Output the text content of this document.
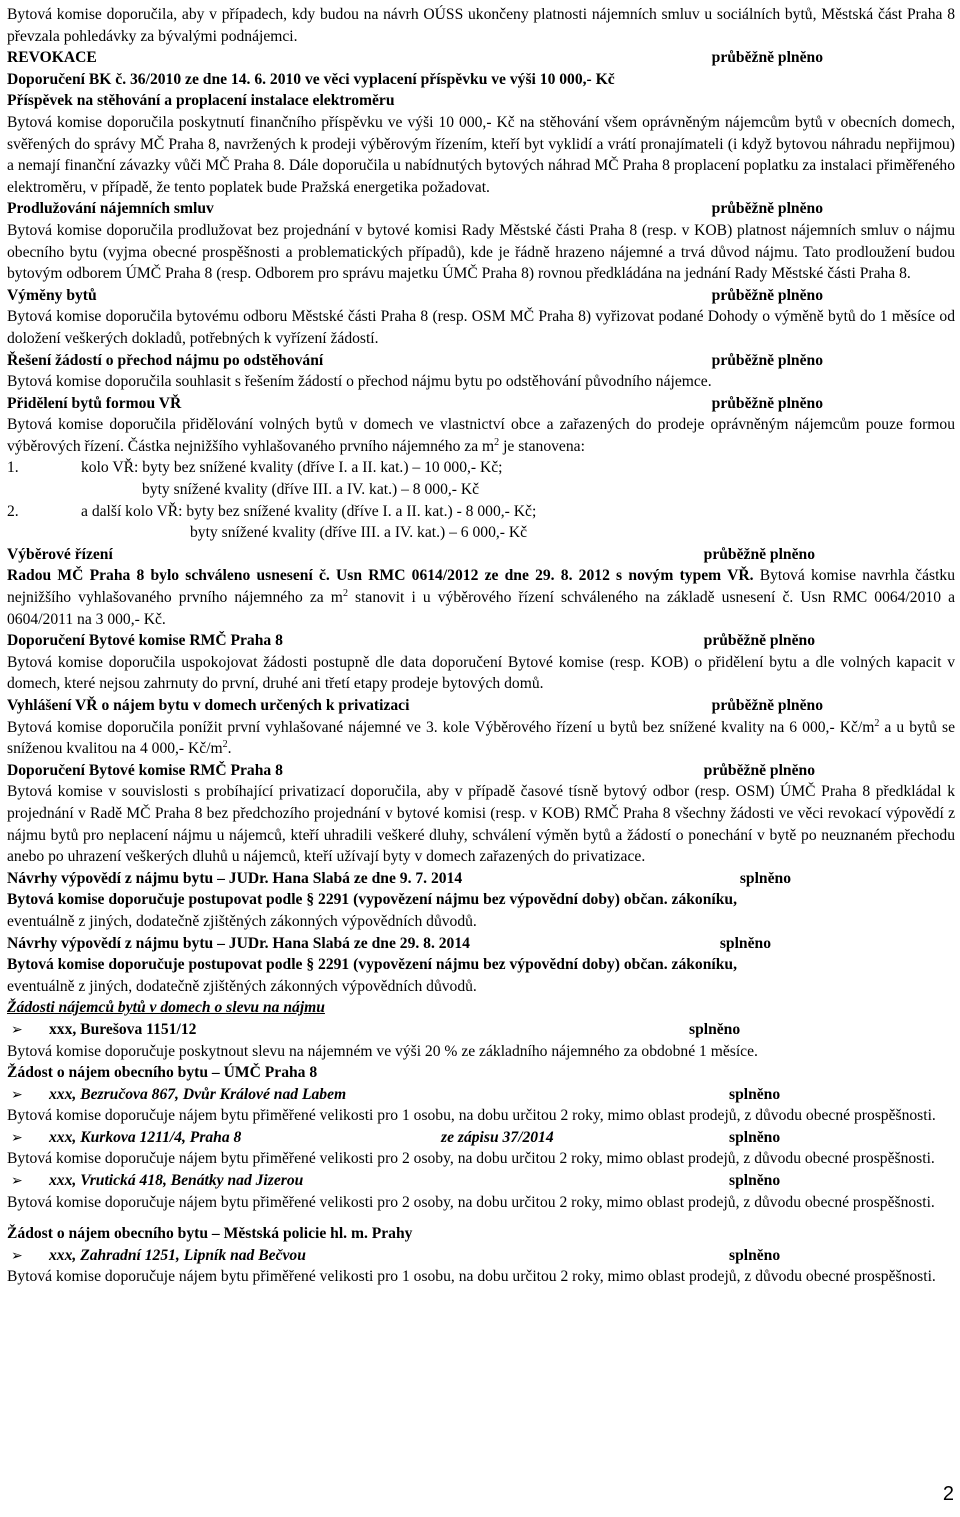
Bytová komise doporučila, aby v případech, kdy budou na návrh OÚSS ukončeny platnosti nájemních smluv u sociálních bytů, Městská část Praha 8 převzala pohledávky za bývalými podnájemci.

REVOKACE	průběžně plněno

Doporučení BK č. 36/2010 ze dne 14. 6. 2010 ve věci vyplacení příspěvku ve výši 10 000,- Kč

Příspěvek na stěhování a proplacení instalace elektroměru

Bytová komise doporučila poskytnutí finančního příspěvku ve výši 10 000,- Kč na stěhování všem oprávněným nájemcům bytů v obecních domech, svěřených do správy MČ Praha 8, navržených k prodeji výběrovým řízením, kteří byt vyklidí a vrátí pronajímateli (i když bytovou náhradu nepřijmou) a nemají finanční závazky vůči MČ Praha 8. Dále doporučila u nabídnutých bytových náhrad MČ Praha 8 proplacení poplatku za instalaci přiměřeného elektroměru, v případě, že tento poplatek bude Pražská energetika požadovat.

Prodlužování nájemních smluv	průběžně plněno

Bytová komise doporučila prodlužovat bez projednání v bytové komisi Rady Městské části Praha 8 (resp. v KOB) platnost nájemních smluv o nájmu obecního bytu (vyjma obecné prospěšnosti a problematických případů), kde je řádně hrazeno nájemné a trvá důvod nájmu. Tato prodloužení budou bytovým odborem ÚMČ Praha 8 (resp. Odborem pro správu majetku ÚMČ Praha 8) rovnou předkládána na jednání Rady Městské části Praha 8.

Výměny bytů	průběžně plněno

Bytová komise doporučila bytovému odboru Městské části Praha 8 (resp. OSM MČ Praha 8) vyřizovat podané Dohody o výměně bytů do 1 měsíce od doložení veškerých dokladů, potřebných k vyřízení žádostí.

Řešení žádostí o přechod nájmu po odstěhování	průběžně plněno

Bytová komise doporučila souhlasit s řešením žádostí o přechod nájmu bytu po odstěhování původního nájemce.

Přidělení bytů formou VŘ	průběžně plněno

Bytová komise doporučila přidělování volných bytů v domech ve vlastnictví obce a zařazených do prodeje oprávněným nájemcům pouze formou výběrových řízení. Částka nejnižšího vyhlašovaného prvního nájemného za $m^2$ je stanovena:

1.	kolo VŘ: byty bez snížené kvality (dříve I. a II. kat.) – 10 000,- Kč;
byty snížené kvality (dříve III. a IV. kat.) – 8 000,- Kč
2.	a další kolo VŘ: byty bez snížené kvality (dříve I. a II. kat.) - 8 000,- Kč;
byty snížené kvality (dříve III. a IV. kat.) – 6 000,- Kč
Výběrové řízení	průběžně plněno

Radou MČ Praha 8 bylo schváleno usnesení č. Usn RMC 0614/2012 ze dne 29. 8. 2012 s novým typem VŘ. Bytová komise navrhla částku nejnižšího vyhlašovaného prvního nájemného za $m^2$ stanovit i u výběrového řízení schváleného na základě usnesení č. Usn RMC 0064/2010 a 0604/2011 na 3 000,- Kč.

Doporučení Bytové komise RMČ Praha 8	průběžně plněno

Bytová komise doporučila uspokojovat žádosti postupně dle data doporučení Bytové komise (resp. KOB) o přidělení bytu a dle volných kapacit v domech, které nejsou zahrnuty do první, druhé ani třetí etapy prodeje bytových domů.

Vyhlášení VŘ o nájem bytu v domech určených k privatizaci	průběžně plněno

Bytová komise doporučila ponížit první vyhlašované nájemné ve 3. kole Výběrového řízení u bytů bez snížené kvality na 6 000,- $Kč/m^2$ a u bytů se sníženou kvalitou na 4 000,- $Kč/m^2$.

Doporučení Bytové komise RMČ Praha 8	průběžně plněno

Bytová komise v souvislosti s probíhající privatizací doporučila, aby v případě časové tísně bytový odbor (resp. OSM) ÚMČ Praha 8 předkládal k projednání v Radě MČ Praha 8 bez předchozího projednání v bytové komisi (resp. v KOB) RMČ Praha 8 všechny žádosti ve věci revokací výpovědí z nájmu bytů pro neplacení nájmu u nájemců, kteří uhradili veškeré dluhy, schválení výměn bytů a žádostí o ponechání v bytě po neuznaném přechodu anebo po uhrazení veškerých dluhů u nájemců, kteří užívají byty v domech zařazených do privatizace.

Návrhy výpovědí z nájmu bytu – JUDr. Hana Slabá ze dne 9. 7. 2014	splněno

Bytová komise doporučuje postupovat podle § 2291 (vypovězení nájmu bez výpovědní doby) občan. zákoníku,

eventuálně z jiných, dodatečně zjištěných zákonných výpovědních důvodů.

Návrhy výpovědí z nájmu bytu – JUDr. Hana Slabá ze dne 29. 8. 2014	splněno

Bytová komise doporučuje postupovat podle § 2291 (vypovězení nájmu bez výpovědní doby) občan. zákoníku,

eventuálně z jiných, dodatečně zjištěných zákonných výpovědních důvodů.

Žádosti nájemců bytů v domech o slevu na nájmu

➢	xxx, Burešova 1151/12	splněno

Bytová komise doporučuje poskytnout slevu na nájemném ve výši 20 % ze základního nájemného za obdobné 1 měsíce.

Žádost o nájem obecního bytu – ÚMČ Praha 8

➢	xxx, Bezručova 867, Dvůr Králové nad Labem	splněno

Bytová komise doporučuje nájem bytu přiměřené velikosti pro 1 osobu, na dobu určitou 2 roky, mimo oblast prodejů, z důvodu obecné prospěšnosti.

➢	xxx, Kurkova 1211/4, Praha 8	ze zápisu 37/2014	splněno

Bytová komise doporučuje nájem bytu přiměřené velikosti pro 2 osoby, na dobu určitou 2 roky, mimo oblast prodejů, z důvodu obecné prospěšnosti.

➢	xxx, Vrutická 418, Benátky nad Jizerou	splněno

Bytová komise doporučuje nájem bytu přiměřené velikosti pro 2 osoby, na dobu určitou 2 roky, mimo oblast prodejů, z důvodu obecné prospěšnosti.

Žádost o nájem obecního bytu – Městská policie hl. m. Prahy

➢	xxx, Zahradní 1251, Lipník nad Bečvou	splněno

Bytová komise doporučuje nájem bytu přiměřené velikosti pro 1 osobu, na dobu určitou 2 roky, mimo oblast prodejů, z důvodu obecné prospěšnosti.

2
